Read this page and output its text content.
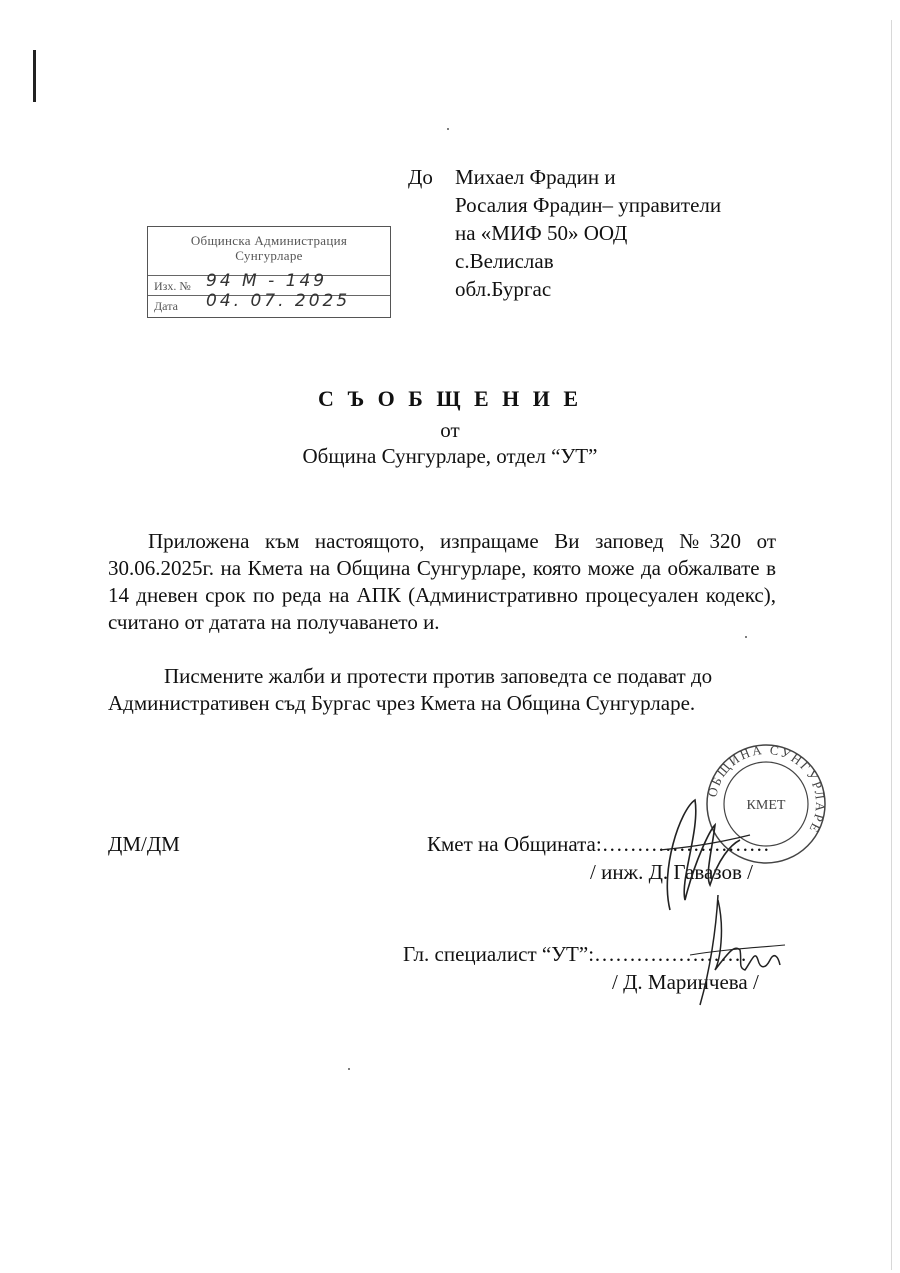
До Михаел Фрадин и
Росалия Фрадин– управители
на «МИФ 50» ООД
с.Велислав
обл.Бургас
Общинска Администрация
Сунгурларе
Изх. № 94 М - 149
Дата 04. 07. 2025
С Ъ О Б Щ Е Н И Е
от
Община Сунгурларе, отдел “УТ”
Приложена към настоящото, изпращаме Ви заповед №320 от 30.06.2025г. на Кмета на Община Сунгурларе, която може да обжалвате в 14 дневен срок по реда на АПК (Административно процесуален кодекс), считано от датата на получаването и.
Писмените жалби и протести против заповедта се подават до Административен съд Бургас чрез Кмета на Община Сунгурларе.
ДМ/ДМ
ОБЩИНА СУНГУРЛАРЕ
КМЕТ
Кмет на Общината:……………………
/ инж. Д. Гавазов /
Гл. специалист “УТ”:………………….
/ Д. Маринчева /
